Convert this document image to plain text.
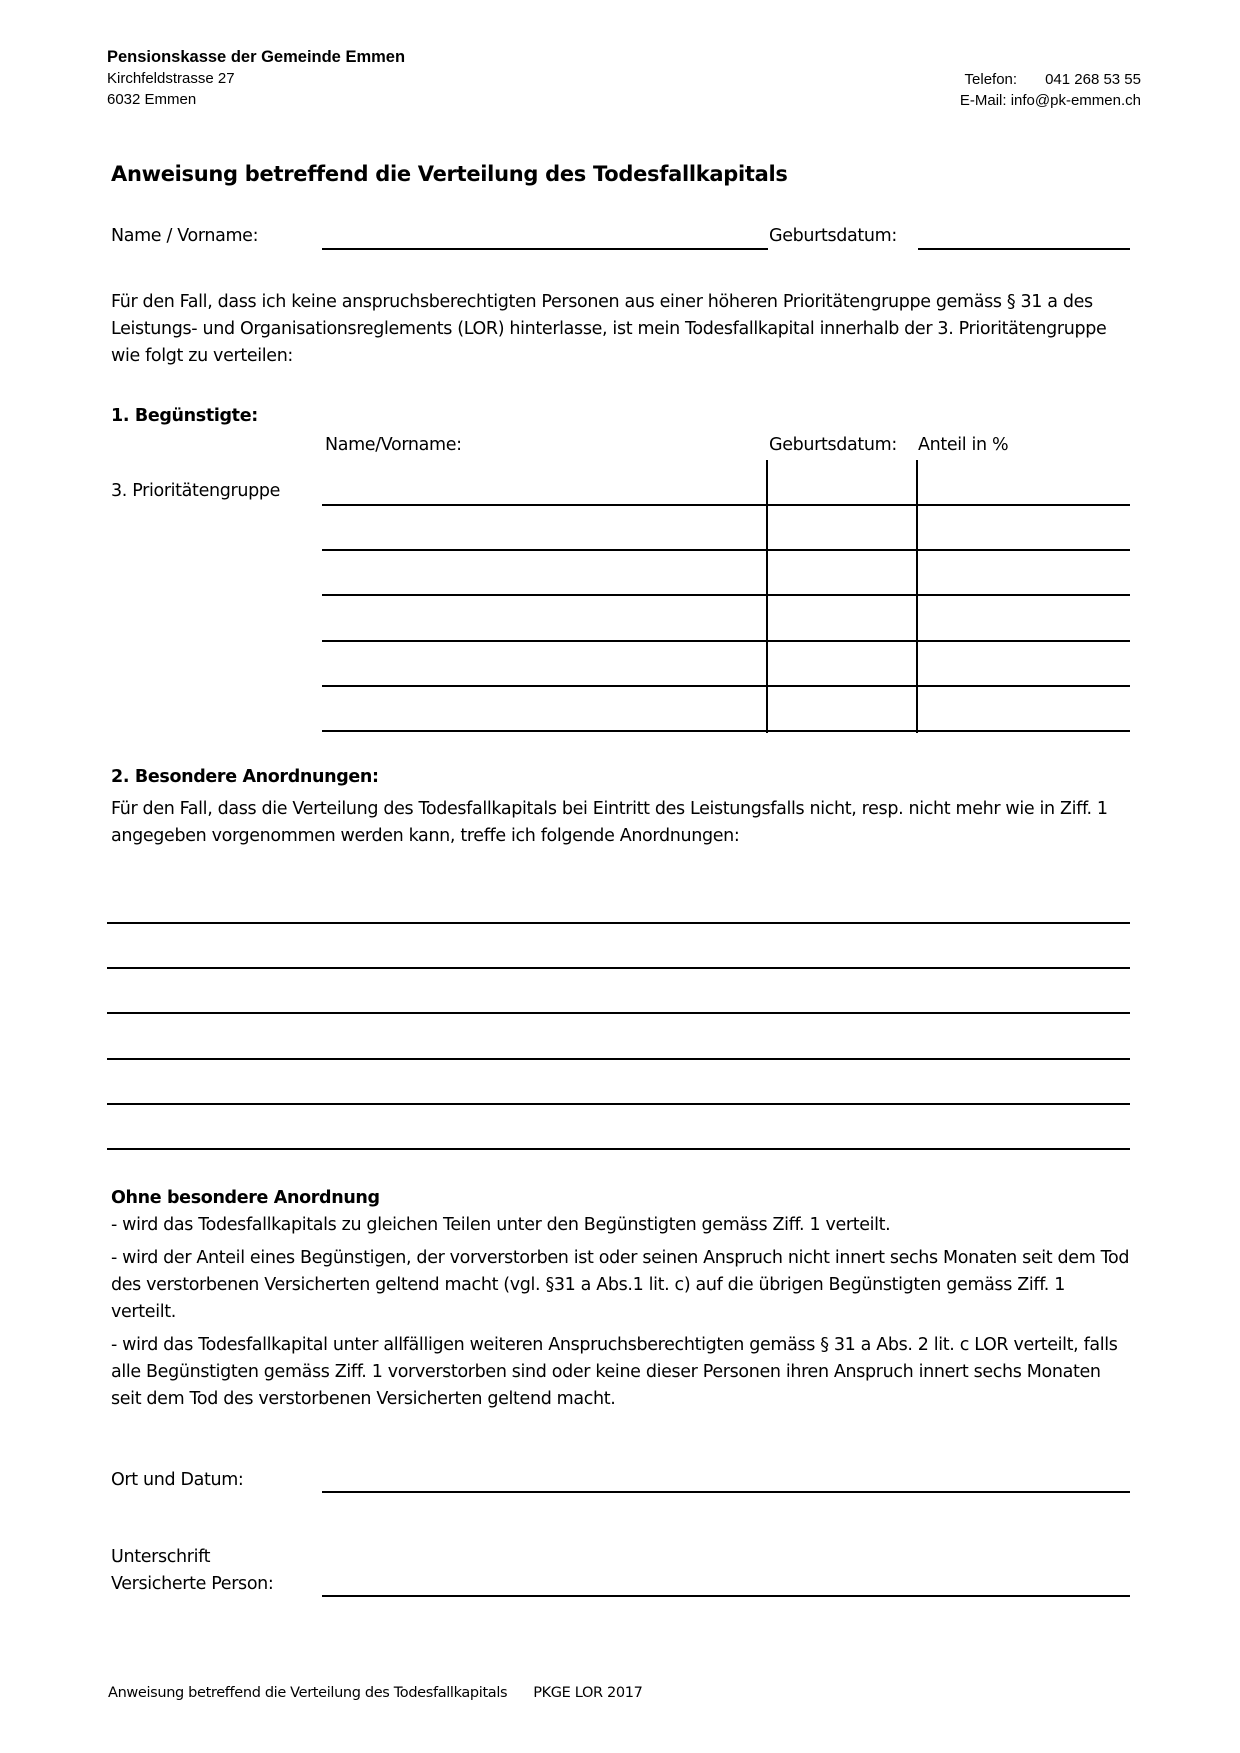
Pensionskasse der Gemeinde Emmen
Kirchfeldstrasse 27
6032 Emmen
Telefon: 041 268 53 55
E-Mail: info@pk-emmen.ch
Anweisung betreffend die Verteilung des Todesfallkapitals
Name / Vorname:	Geburtsdatum:
Für den Fall, dass ich keine anspruchsberechtigten Personen aus einer höheren Prioritätengruppe gemäss § 31 a des Leistungs- und Organisationsreglements (LOR) hinterlasse, ist mein Todesfallkapital innerhalb der 3. Prioritätengruppe wie folgt zu verteilen:
1. Begünstigte:
Name/Vorname:	Geburtsdatum: Anteil in %
3. Prioritätengruppe
2. Besondere Anordnungen:
Für den Fall, dass die Verteilung des Todesfallkapitals bei Eintritt des Leistungsfalls nicht, resp. nicht mehr wie in Ziff. 1 angegeben vorgenommen werden kann, treffe ich folgende Anordnungen:
Ohne besondere Anordnung

- wird das Todesfallkapitals zu gleichen Teilen unter den Begünstigten gemäss Ziff. 1 verteilt.

- wird der Anteil eines Begünstigen, der vorverstorben ist oder seinen Anspruch nicht innert sechs Monaten seit dem Tod des verstorbenen Versicherten geltend macht (vgl. §31 a Abs.1 lit. c) auf die übrigen Begünstigten gemäss Ziff. 1 verteilt.

- wird das Todesfallkapital unter allfälligen weiteren Anspruchsberechtigten gemäss § 31 a Abs. 2 lit. c LOR verteilt, falls alle Begünstigten gemäss Ziff. 1 vorverstorben sind oder keine dieser Personen ihren Anspruch innert sechs Monaten seit dem Tod des verstorbenen Versicherten geltend macht.

Ort und Datum:
Unterschrift
Versicherte Person:
Anweisung betreffend die Verteilung des Todesfallkapitals PKGE LOR 2017
